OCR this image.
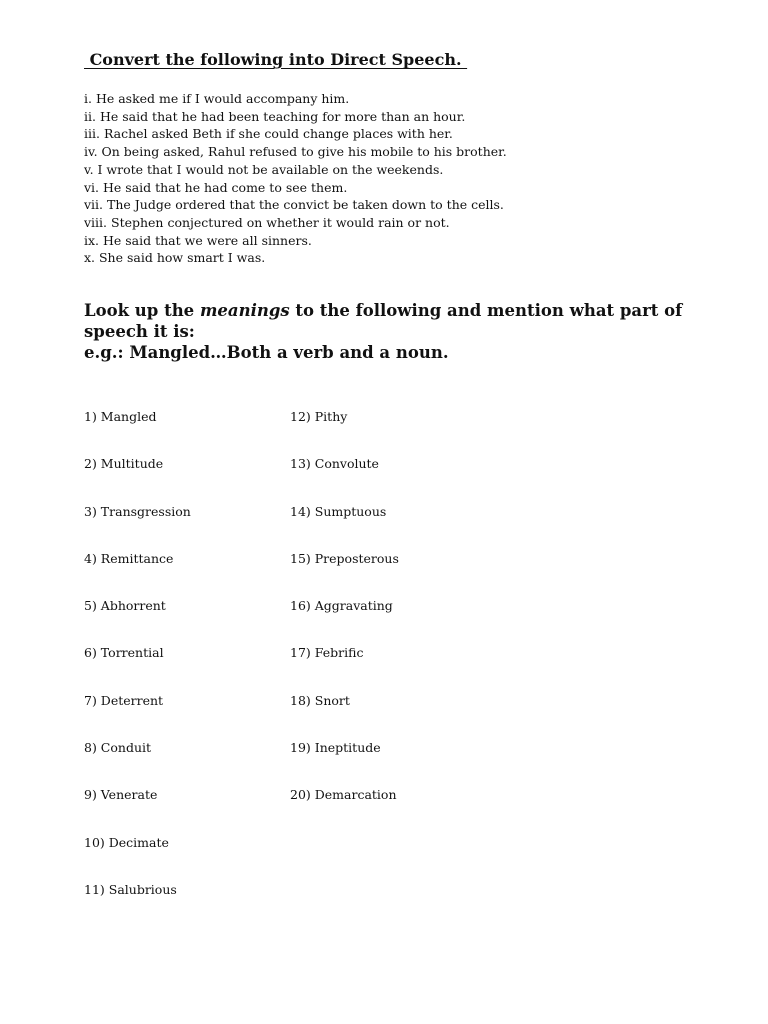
Convert the following into Direct Speech.
i. He asked me if I would accompany him.
ii. He said that he had been teaching for more than an hour.
iii. Rachel asked Beth if she could change places with her.
iv. On being asked, Rahul refused to give his mobile to his brother.
v. I wrote that I would not be available on the weekends.
vi. He said that he had come to see them.
vii. The Judge ordered that the convict be taken down to the cells.
viii. Stephen conjectured on whether it would rain or not.
ix. He said that we were all sinners.
x. She said how smart I was.
Look up the meanings to the following and mention what part of speech it is:

e.g.: Mangled…Both a verb and a noun.

1) Mangled
2) Multitude
3) Transgression
4) Remittance
5) Abhorrent
6) Torrential
7) Deterrent
8) Conduit
9) Venerate
10) Decimate
11) Salubrious
12) Pithy
13) Convolute
14) Sumptuous
15) Preposterous
16) Aggravating
17) Febrific
18) Snort
19) Ineptitude
20) Demarcation
